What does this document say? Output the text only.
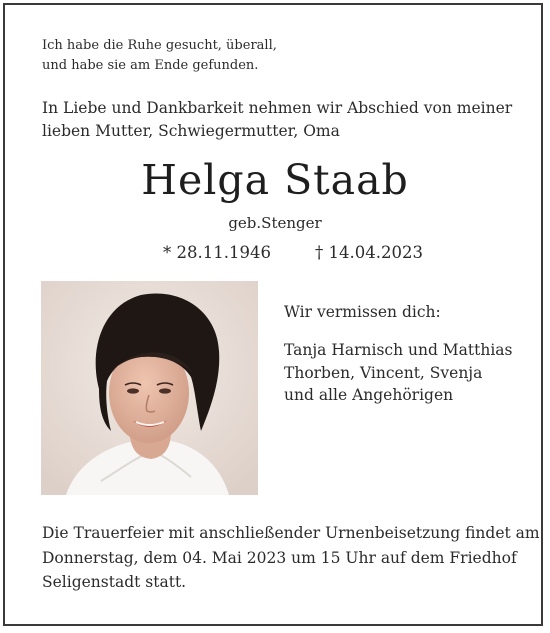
Ich habe die Ruhe gesucht, überall,
und habe sie am Ende gefunden.
In Liebe und Dankbarkeit nehmen wir Abschied von meiner
lieben Mutter, Schwiegermutter, Oma
Helga Staab
geb.Stenger
* 28.11.1946	† 14.04.2023
Wir vermissen dich:
Tanja Harnisch und Matthias
Thorben, Vincent, Svenja
und alle Angehörigen
Die Trauerfeier mit anschließender Urnenbeisetzung findet am
Donnerstag, dem 04. Mai 2023 um 15 Uhr auf dem Friedhof
Seligenstadt statt.
